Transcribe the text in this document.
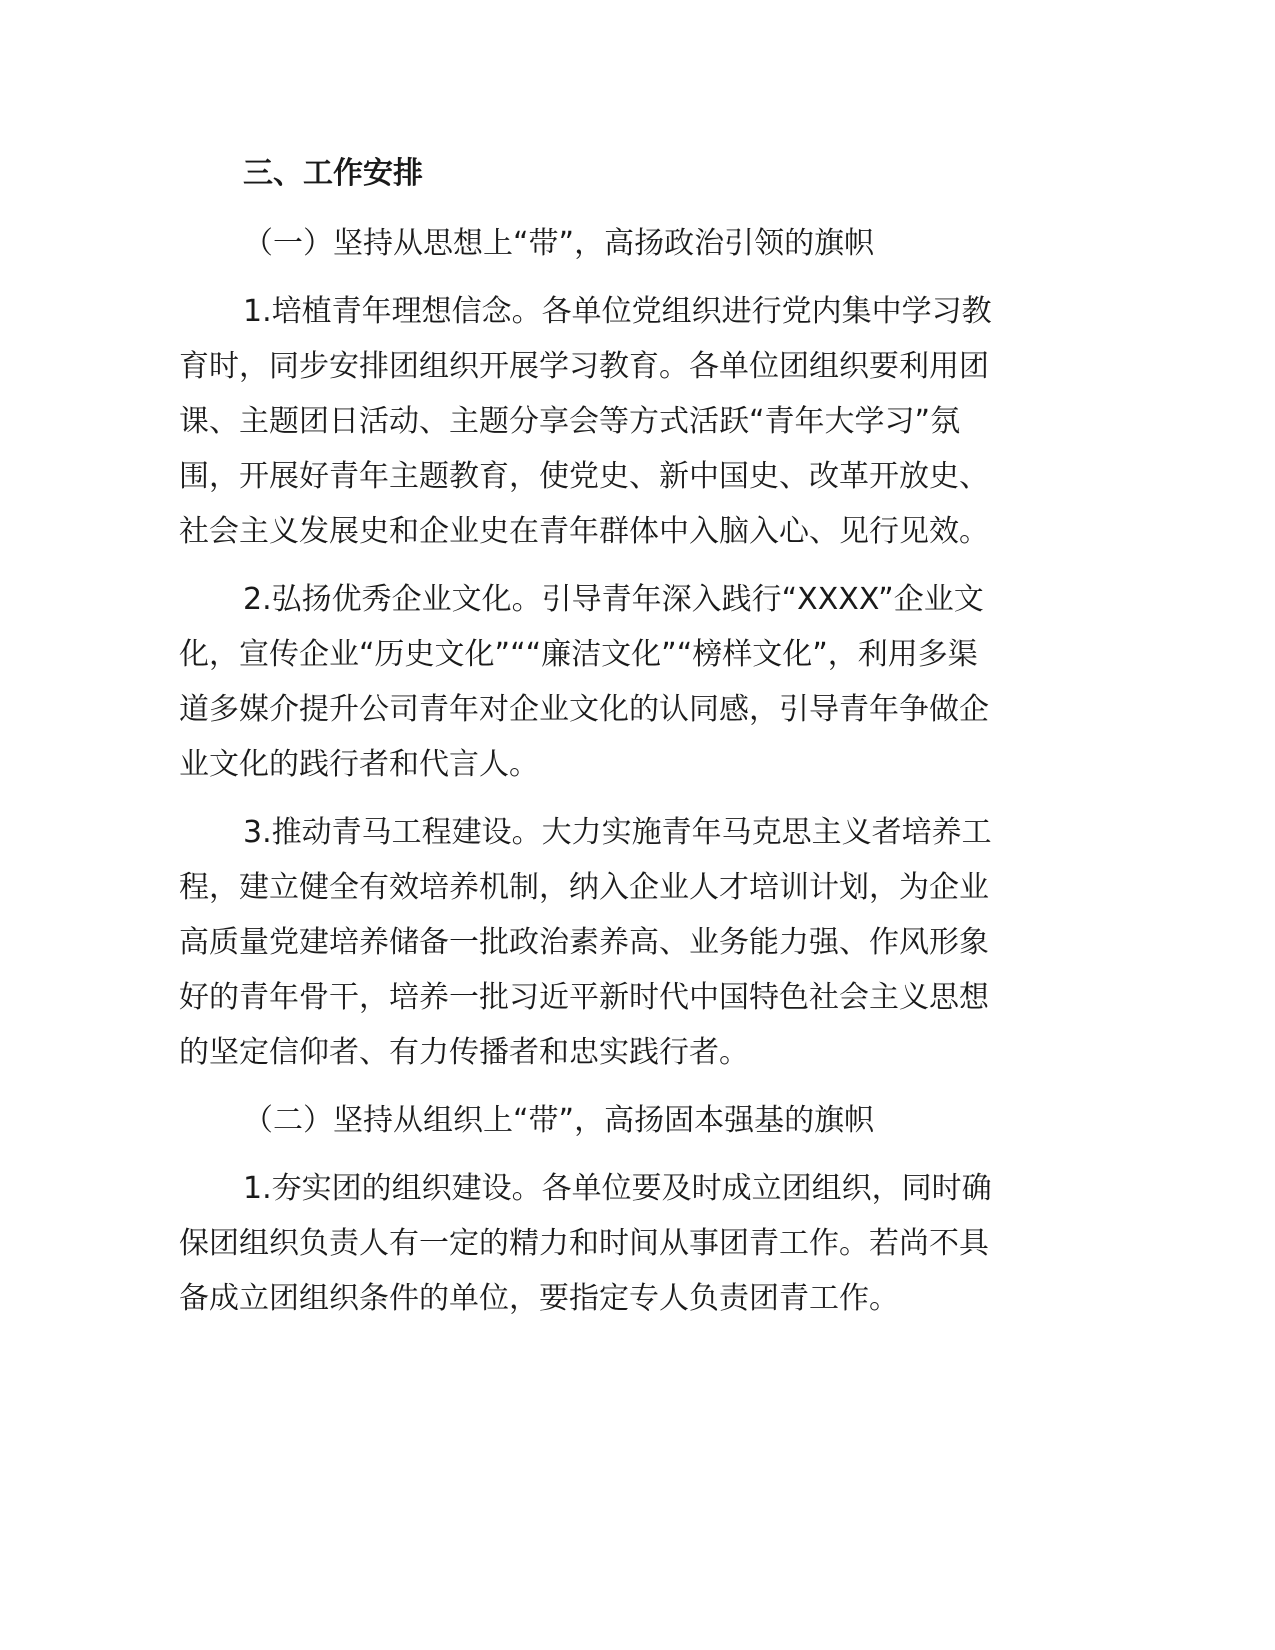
三、工作安排
（一）坚持从思想上“带”，高扬政治引领的旗帜
1.培植青年理想信念。各单位党组织进行党内集中学习教
育时，同步安排团组织开展学习教育。各单位团组织要利用团
课、主题团日活动、主题分享会等方式活跃“青年大学习”氛
围，开展好青年主题教育，使党史、新中国史、改革开放史、
社会主义发展史和企业史在青年群体中入脑入心、见行见效。
2.弘扬优秀企业文化。引导青年深入践行“XXXX”企业文
化，宣传企业“历史文化”““廉洁文化”“榜样文化”，利用多渠
道多媒介提升公司青年对企业文化的认同感，引导青年争做企
业文化的践行者和代言人。
3.推动青马工程建设。大力实施青年马克思主义者培养工
程，建立健全有效培养机制，纳入企业人才培训计划，为企业
高质量党建培养储备一批政治素养高、业务能力强、作风形象
好的青年骨干，培养一批习近平新时代中国特色社会主义思想
的坚定信仰者、有力传播者和忠实践行者。
（二）坚持从组织上“带”，高扬固本强基的旗帜
1.夯实团的组织建设。各单位要及时成立团组织，同时确
保团组织负责人有一定的精力和时间从事团青工作。若尚不具
备成立团组织条件的单位，要指定专人负责团青工作。
